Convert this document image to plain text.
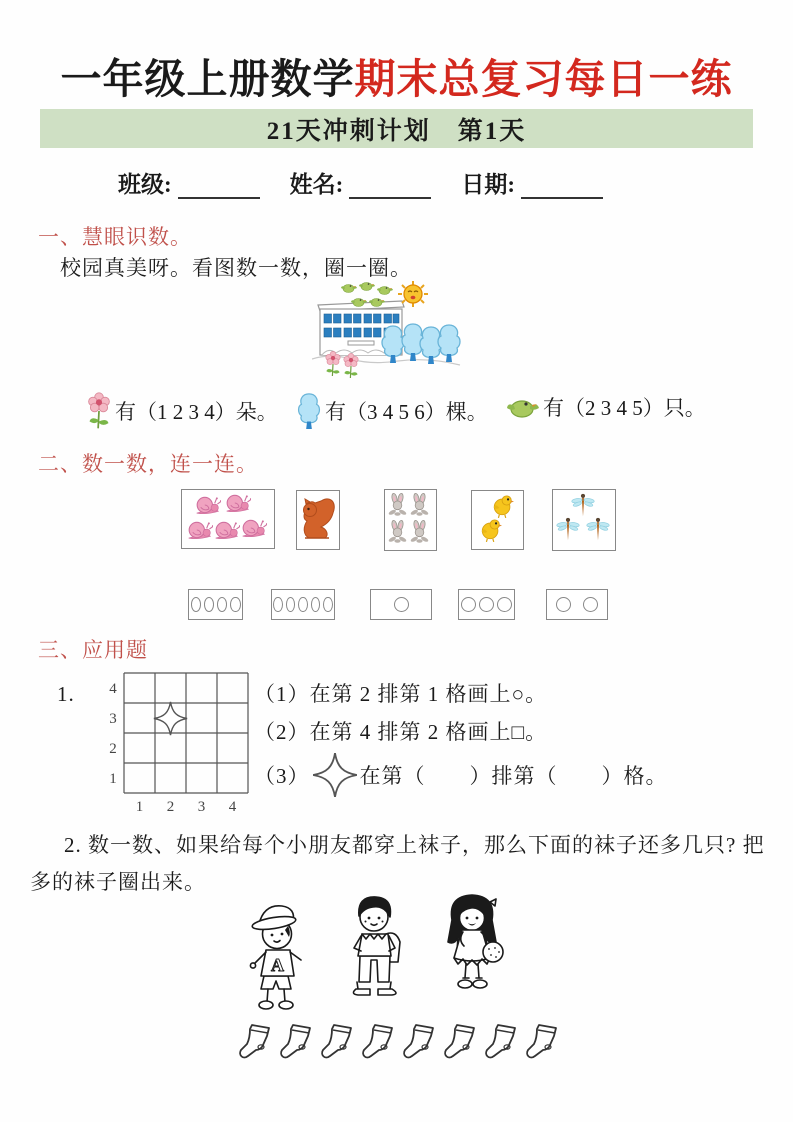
一年级上册数学期末总复习每日一练
21天冲刺计划　第1天
班级:	姓名:	日期:
一、慧眼识数。
校园真美呀。看图数一数，圈一圈。
有（1 2 3 4）朵。 有（3 4 5 6）棵。	有（2 3 4 5）只。
二、数一数，连一连。
三、应用题
1. 4
3
2
1
1 2 3 4
（1）在第 2 排第 1 格画上○。
（2）在第 4 排第 2 格画上□。
（3） 在第（　　）排第（　　）格。
2. 数一数、如果给每个小朋友都穿上袜子，那么下面的袜子还多几只? 把
多的袜子圈出来。
A
